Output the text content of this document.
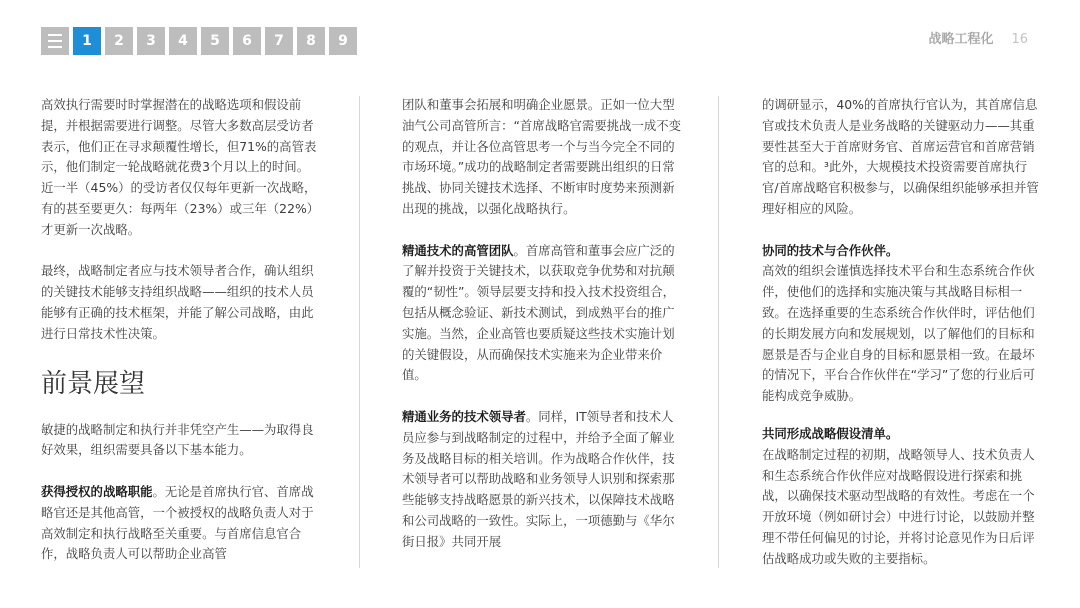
1	2	3	4	5	6	7	8	9	战略工程化 16

高效执行需要时时掌握潜在的战略选项和假设前提，并根据需要进行调整。尽管大多数高层受访者表示，他们正在寻求颠覆性增长，但71%的高管表示，他们制定一轮战略就花费3个月以上的时间。近一半（45%）的受访者仅仅每年更新一次战略，有的甚至要更久：每两年（23%）或三年（22%）才更新一次战略。

最终，战略制定者应与技术领导者合作，确认组织的关键技术能够支持组织战略——组织的技术人员能够有正确的技术框架，并能了解公司战略，由此进行日常技术性决策。

前景展望

敏捷的战略制定和执行并非凭空产生——为取得良好效果，组织需要具备以下基本能力。

获得授权的战略职能。无论是首席执行官、首席战略官还是其他高管，一个被授权的战略负责人对于高效制定和执行战略至关重要。与首席信息官合作，战略负责人可以帮助企业高管

团队和董事会拓展和明确企业愿景。正如一位大型油气公司高管所言：“首席战略官需要挑战一成不变的观点，并让各位高管思考一个与当今完全不同的市场环境。”成功的战略制定者需要跳出组织的日常挑战、协同关键技术选择、不断审时度势来预测新出现的挑战，以强化战略执行。

精通技术的高管团队。首席高管和董事会应广泛的了解并投资于关键技术，以获取竞争优势和对抗颠覆的“韧性”。领导层要支持和投入技术投资组合，包括从概念验证、新技术测试，到成熟平台的推广实施。当然，企业高管也要质疑这些技术实施计划的关键假设，从而确保技术实施来为企业带来价值。

精通业务的技术领导者。同样，IT领导者和技术人员应参与到战略制定的过程中，并给予全面了解业务及战略目标的相关培训。作为战略合作伙伴，技术领导者可以帮助战略和业务领导人识别和探索那些能够支持战略愿景的新兴技术，以保障技术战略和公司战略的一致性。实际上，一项德勤与《华尔街日报》共同开展

的调研显示，40%的首席执行官认为，其首席信息官或技术负责人是业务战略的关键驱动力——其重要性甚至大于首席财务官、首席运营官和首席营销官的总和。³此外，大规模技术投资需要首席执行官/首席战略官积极参与，以确保组织能够承担并管理好相应的风险。

协同的技术与合作伙伴。
高效的组织会谨慎选择技术平台和生态系统合作伙伴，使他们的选择和实施决策与其战略目标相一致。在选择重要的生态系统合作伙伴时，评估他们的长期发展方向和发展规划，以了解他们的目标和愿景是否与企业自身的目标和愿景相一致。在最坏的情况下，平台合作伙伴在“学习”了您的行业后可能构成竞争威胁。
共同形成战略假设清单。
在战略制定过程的初期，战略领导人、技术负责人和生态系统合作伙伴应对战略假设进行探索和挑战，以确保技术驱动型战略的有效性。考虑在一个开放环境（例如研讨会）中进行讨论，以鼓励并整理不带任何偏见的讨论，并将讨论意见作为日后评估战略成功或失败的主要指标。
